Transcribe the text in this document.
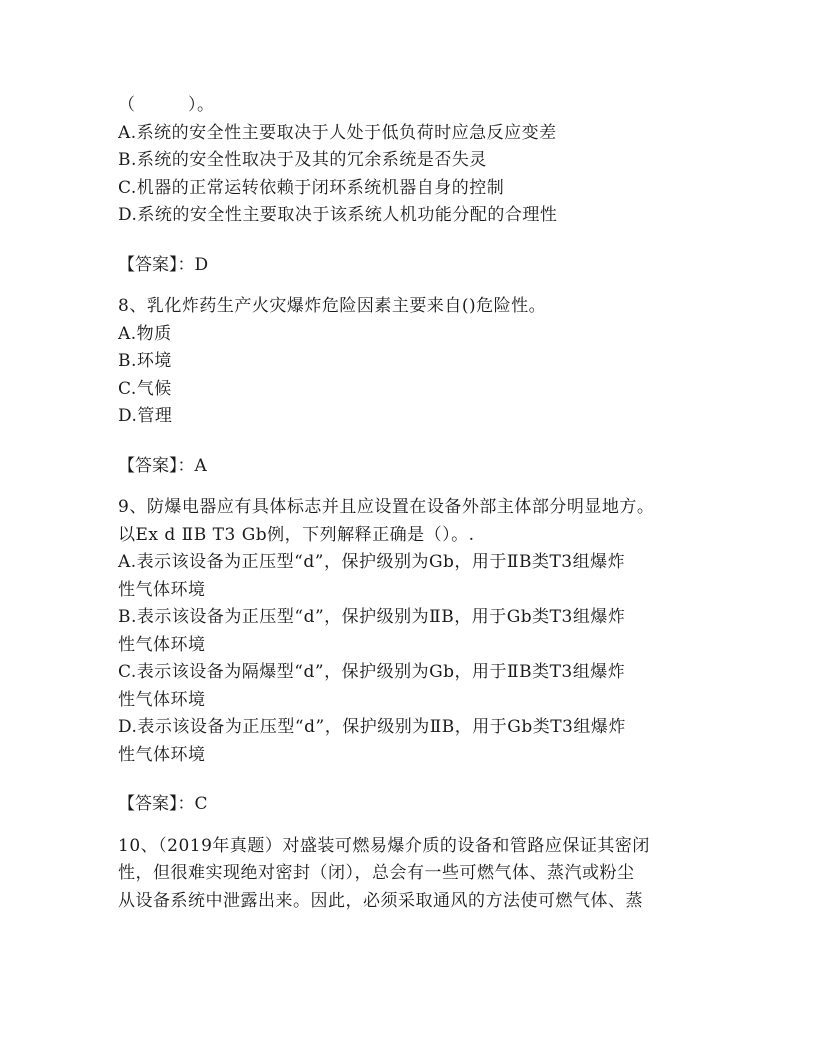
（　　　）。
A.系统的安全性主要取决于人处于低负荷时应急反应变差
B.系统的安全性取决于及其的冗余系统是否失灵
C.机器的正常运转依赖于闭环系统机器自身的控制
D.系统的安全性主要取决于该系统人机功能分配的合理性
【答案】：D
8、乳化炸药生产火灾爆炸危险因素主要来自()危险性。
A.物质
B.环境
C.气候
D.管理
【答案】：A
9、防爆电器应有具体标志并且应设置在设备外部主体部分明显地方。
以Ex d ⅡB T3 Gb例，下列解释正确是（）。.
A.表示该设备为正压型“d”，保护级别为Gb，用于ⅡB类T3组爆炸
性气体环境
B.表示该设备为正压型“d”，保护级别为ⅡB，用于Gb类T3组爆炸
性气体环境
C.表示该设备为隔爆型“d”，保护级别为Gb，用于ⅡB类T3组爆炸
性气体环境
D.表示该设备为正压型“d”，保护级别为ⅡB，用于Gb类T3组爆炸
性气体环境
【答案】：C
10、（2019年真题）对盛装可燃易爆介质的设备和管路应保证其密闭
性，但很难实现绝对密封（闭），总会有一些可燃气体、蒸汽或粉尘
从设备系统中泄露出来。因此，必须采取通风的方法使可燃气体、蒸
